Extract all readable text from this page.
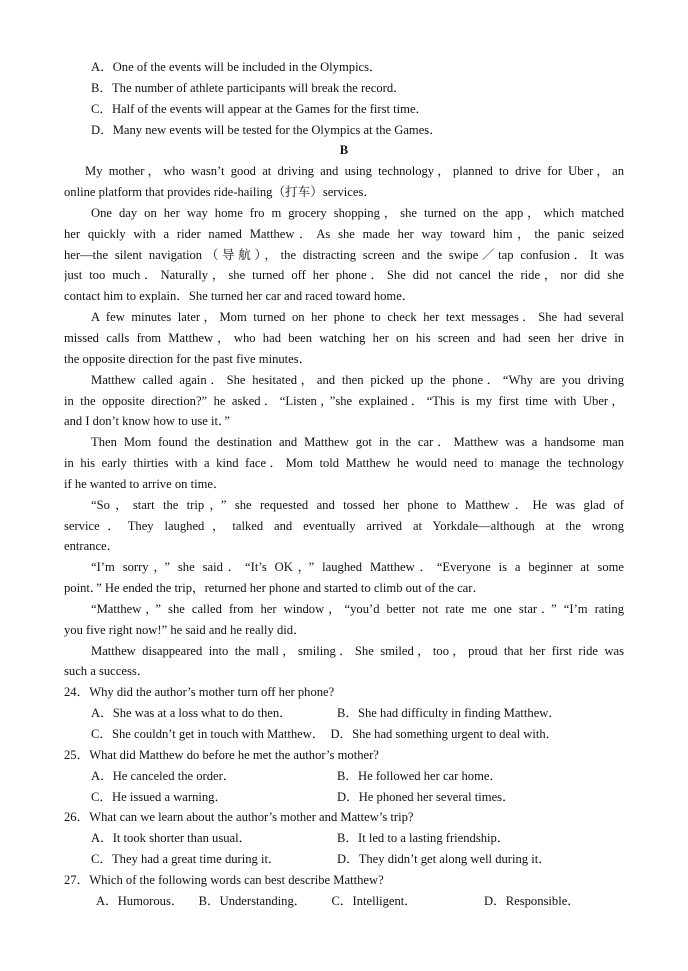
A．One of the events will be included in the Olympics．
B．The number of athlete participants will break the record．
C．Half of the events will appear at the Games for the first time．
D．Many new events will be tested for the Olympics at the Games．
B
My mother，who wasn’t good at driving and using technology，planned to drive for Uber，an
online platform that provides ride-hailing（打车）services．
One day on her way home fro m grocery shopping，she turned on the app，which matched
her quickly with a rider named Matthew．As she made her way toward him，the panic seized
her—the silent navigation（导航），the distracting screen and the swipe／tap confusion．It was
just too much．Naturally，she turned off her phone．She did not cancel the ride，nor did she
contact him to explain．She turned her car and raced toward home．
A few minutes later，Mom turned on her phone to check her text messages．She had several
missed calls from Matthew，who had been watching her on his screen and had seen her drive in
the opposite direction for the past five minutes．
Matthew called again．She hesitated，and then picked up the phone．“Why are you driving
in the opposite direction?” he asked．“Listen，”she explained．“This is my first time with Uber，
and I don’t know how to use it．”
Then Mom found the destination and Matthew got in the car．Matthew was a handsome man
in his early thirties with a kind face．Mom told Matthew he would need to manage the technology
if he wanted to arrive on time．
“So，start the trip，” she requested and tossed her phone to Matthew．He was glad of
service．They laughed，talked and eventually arrived at Yorkdale—although at the wrong
entrance．
“I’m sorry，” she said．“It’s OK，” laughed Matthew．“Everyone is a beginner at some
point．” He ended the trip，returned her phone and started to climb out of the car．
“Matthew，” she called from her window，“you’d better not rate me one star．” “I’m rating
you five right now!” he said and he really did．
Matthew disappeared into the mall，smiling．She smiled，too，proud that her first ride was
such a success．
24．Why did the author’s mother turn off her phone?
A．She was at a loss what to do then．	B．She had difficulty in finding Matthew．
C．She couldn’t get in touch with Matthew． D．She had something urgent to deal with．
25．What did Matthew do before he met the author’s mother?
A．He canceled the order．	B．He followed her car home．
C．He issued a warning．	D．He phoned her several times．
26．What can we learn about the author’s mother and Mattew’s trip?
A．It took shorter than usual．	B．It led to a lasting friendship．
C．They had a great time during it．	D．They didn’t get along well during it．
27．Which of the following words can best describe Matthew?
A．Humorous． B．Understanding． C．Intelligent．	D．Responsible．
